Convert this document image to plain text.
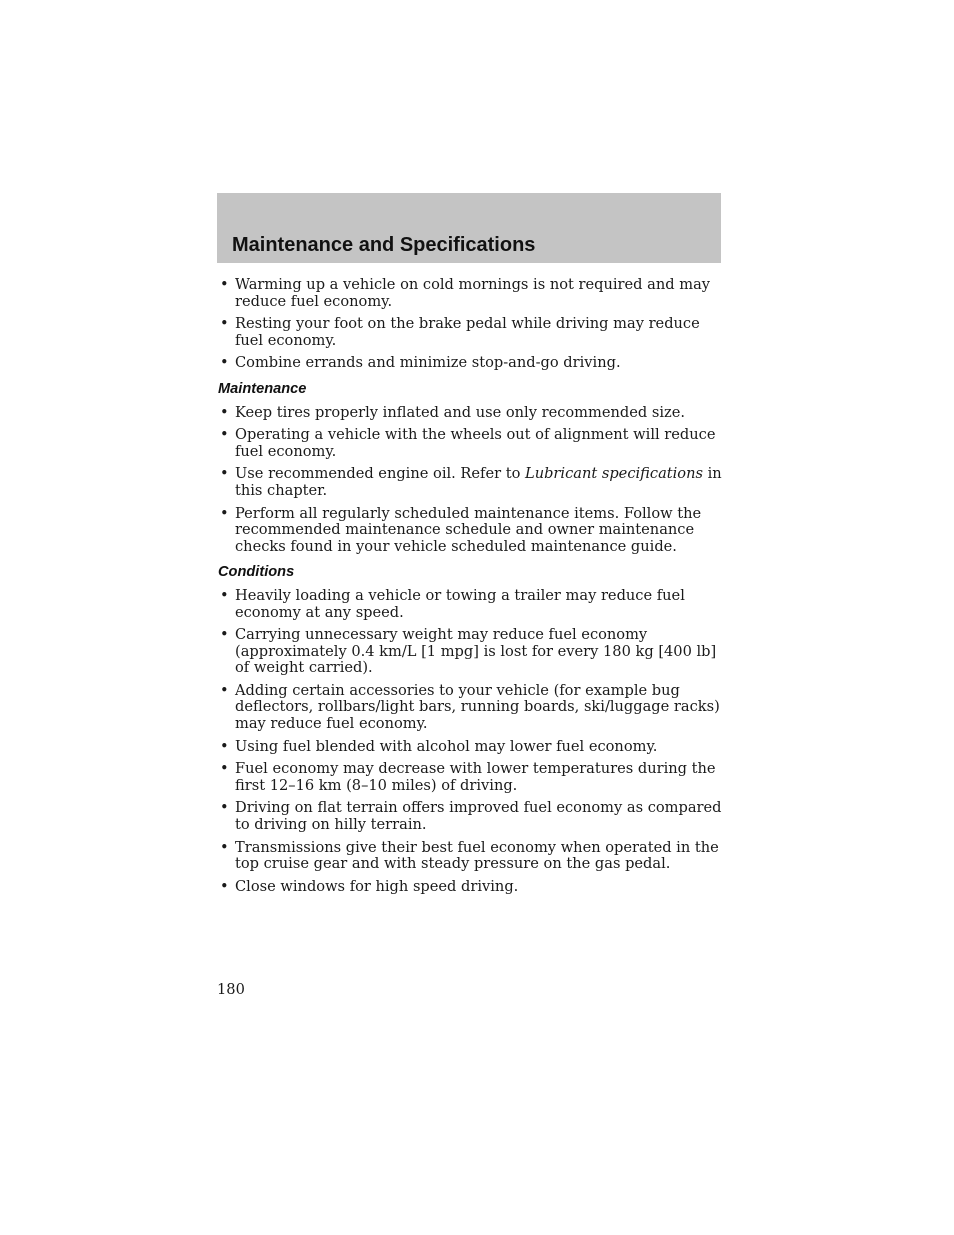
Maintenance and Specifications
• Warming up a vehicle on cold mornings is not required and may reduce fuel economy.
• Resting your foot on the brake pedal while driving may reduce fuel economy.
• Combine errands and minimize stop-and-go driving.
Maintenance
• Keep tires properly inflated and use only recommended size.
• Operating a vehicle with the wheels out of alignment will reduce fuel economy.
• Use recommended engine oil. Refer to Lubricant specifications in this chapter.
• Perform all regularly scheduled maintenance items. Follow the recommended maintenance schedule and owner maintenance checks found in your vehicle scheduled maintenance guide.
Conditions
• Heavily loading a vehicle or towing a trailer may reduce fuel economy at any speed.
• Carrying unnecessary weight may reduce fuel economy (approximately 0.4 km/L [1 mpg] is lost for every 180 kg [400 lb] of weight carried).
• Adding certain accessories to your vehicle (for example bug deflectors, rollbars/light bars, running boards, ski/luggage racks) may reduce fuel economy.
• Using fuel blended with alcohol may lower fuel economy.
• Fuel economy may decrease with lower temperatures during the first 12–16 km (8–10 miles) of driving.
• Driving on flat terrain offers improved fuel economy as compared to driving on hilly terrain.
• Transmissions give their best fuel economy when operated in the top cruise gear and with steady pressure on the gas pedal.
• Close windows for high speed driving.
180
